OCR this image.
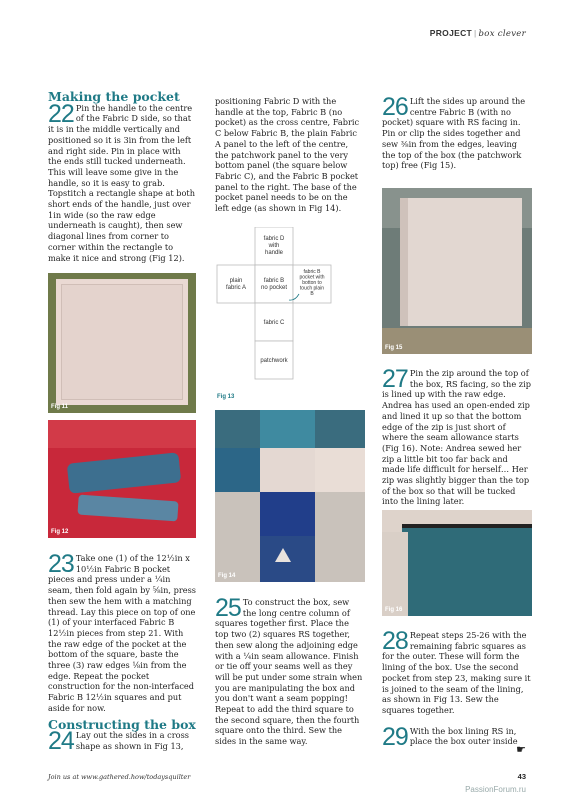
PROJECT | box clever
Making the pocket
22 Pin the handle to the centre of the Fabric D side, so that it is in the middle vertically and positioned so it is 3in from the left and right side. Pin in place with the ends still tucked underneath. This will leave some give in the handle, so it is easy to grab. Topstitch a rectangle shape at both short ends of the handle, just over 1in wide (so the raw edge underneath is caught), then sew diagonal lines from corner to corner within the rectangle to make it nice and strong (Fig 12).

Fig 11
Fig 12
23 Take one (1) of the 12½in x 10½in Fabric B pocket pieces and press under a ¼in seam, then fold again by ⅝in, press then sew the hem with a matching thread. Lay this piece on top of one (1) of your interfaced Fabric B 12½in pieces from step 21. With the raw edge of the pocket at the bottom of the square, baste the three (3) raw edges ⅛in from the edge. Repeat the pocket construction for the non-interfaced Fabric B 12½in squares and put aside for now.

Constructing the box
24 Lay out the sides in a cross shape as shown in Fig 13,

positioning Fabric D with the handle at the top, Fabric B (no pocket) as the cross centre, Fabric C below Fabric B, the plain Fabric A panel to the left of the centre, the patchwork panel to the very bottom panel (the square below Fabric C), and the Fabric B pocket panel to the right. The base of the pocket panel needs to be on the left edge (as shown in Fig 14).

fabric D with handle
plain fabric A
fabric B no pocket
fabric B pocket with botton to touch plain B
fabric C
patchwork
Fig 13
Fig 14
25 To construct the box, sew the long centre column of squares together first. Place the top two (2) squares RS together, then sew along the adjoining edge with a ¼in seam allowance. Finish or tie off your seams well as they will be put under some strain when you are manipulating the box and you don't want a seam popping! Repeat to add the third square to the second square, then the fourth square onto the third. Sew the sides in the same way.

26 Lift the sides up around the centre Fabric B (with no pocket) square with RS facing in. Pin or clip the sides together and sew ⅜in from the edges, leaving the top of the box (the patchwork top) free (Fig 15).

Fig 15
27 Pin the zip around the top of the box, RS facing, so the zip is lined up with the raw edge. Andrea has used an open-ended zip and lined it up so that the bottom edge of the zip is just short of where the seam allowance starts (Fig 16). Note: Andrea sewed her zip a little bit too far back and made life difficult for herself… Her zip was slightly bigger than the top of the box so that will be tucked into the lining later.

Fig 16
28 Repeat steps 25-26 with the remaining fabric squares as for the outer. These will form the lining of the box. Use the second pocket from step 23, making sure it is joined to the seam of the lining, as shown in Fig 13. Sew the squares together.

29 With the box lining RS in, place the box outer inside

☛
Join us at www.gathered.how/todaysquilter	43
PassionForum.ru
